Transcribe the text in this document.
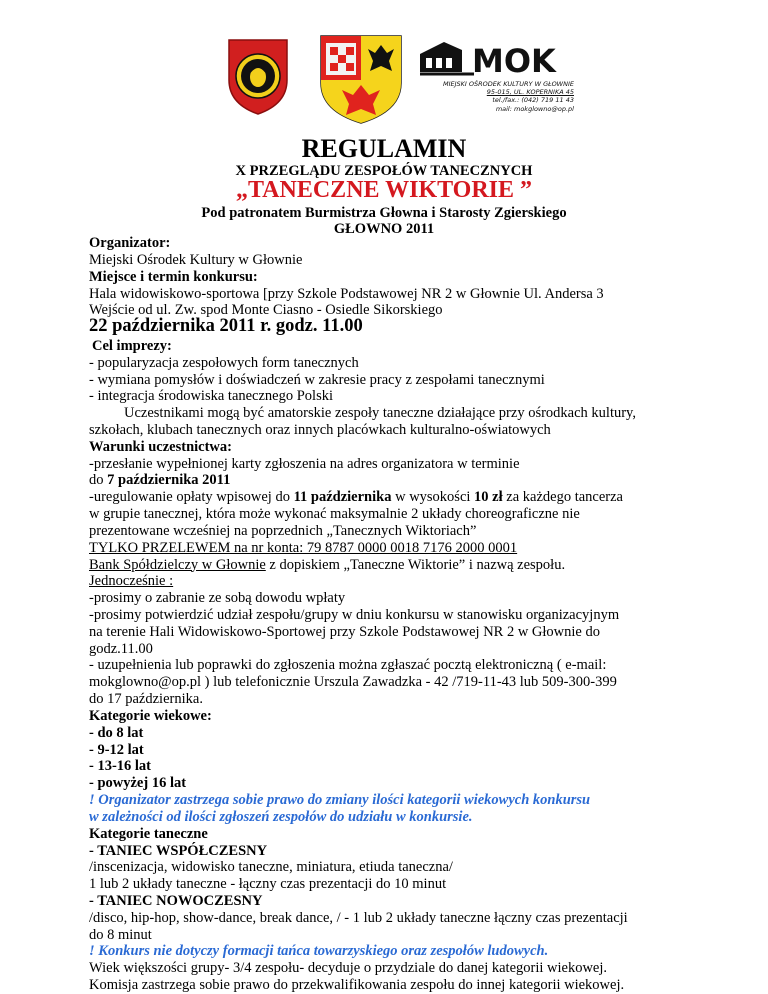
MOK
MIEJSKI OŚRODEK KULTURY W GŁOWNIE
95-015, UL. KOPERNIKA 45
tel./fax.: (042) 719 11 43
mail: mokglowno@op.pl
REGULAMIN
X PRZEGLĄDU ZESPOŁÓW TANECZNYCH
„TANECZNE WIKTORIE ”
Pod patronatem Burmistrza Głowna i Starosty Zgierskiego
GŁOWNO 2011
Organizator:
Miejski Ośrodek Kultury w Głownie
Miejsce i termin konkursu:
Hala widowiskowo-sportowa [przy Szkole Podstawowej NR 2 w Głownie Ul. Andersa 3
Wejście od ul. Zw. spod Monte Ciasno - Osiedle Sikorskiego
22 października 2011 r. godz. 11.00
Cel imprezy:
- popularyzacja zespołowych form tanecznych
- wymiana pomysłów i doświadczeń w zakresie pracy z zespołami tanecznymi
- integracja środowiska tanecznego Polski
Uczestnikami mogą być amatorskie zespoły taneczne działające przy ośrodkach kultury,
szkołach, klubach tanecznych oraz innych placówkach kulturalno-oświatowych
Warunki uczestnictwa:
-przesłanie wypełnionej karty zgłoszenia na adres organizatora w terminie
do 7 października 2011
-uregulowanie opłaty wpisowej do 11 października w wysokości 10 zł za każdego tancerza
w grupie tanecznej, która może wykonać maksymalnie 2 układy choreograficzne nie
prezentowane wcześniej na poprzednich „Tanecznych Wiktoriach”
TYLKO PRZELEWEM na nr konta: 79 8787 0000 0018 7176 2000 0001
Bank Spółdzielczy w Głownie z dopiskiem „Taneczne Wiktorie” i nazwą zespołu.
Jednocześnie :
-prosimy o zabranie ze sobą dowodu wpłaty
-prosimy potwierdzić udział zespołu/grupy w dniu konkursu w stanowisku organizacyjnym
na terenie Hali Widowiskowo-Sportowej przy Szkole Podstawowej NR 2 w Głownie do
godz.11.00
- uzupełnienia lub poprawki do zgłoszenia można zgłaszać pocztą elektroniczną ( e-mail:
mokglowno@op.pl ) lub telefonicznie Urszula Zawadzka - 42 /719-11-43 lub 509-300-399
do 17 października.
Kategorie wiekowe:
- do 8 lat
- 9-12 lat
- 13-16 lat
- powyżej 16 lat
! Organizator zastrzega sobie prawo do zmiany ilości kategorii wiekowych konkursu
w zależności od ilości zgłoszeń zespołów do udziału w konkursie.
Kategorie taneczne
- TANIEC WSPÓŁCZESNY
/inscenizacja, widowisko taneczne, miniatura, etiuda taneczna/
1 lub 2 układy taneczne - łączny czas prezentacji do 10 minut
- TANIEC NOWOCZESNY
/disco, hip-hop, show-dance, break dance, / - 1 lub 2 układy taneczne łączny czas prezentacji
do 8 minut
! Konkurs nie dotyczy formacji tańca towarzyskiego oraz zespołów ludowych.
Wiek większości grupy- 3/4 zespołu- decyduje o przydziale do danej kategorii wiekowej.
Komisja zastrzega sobie prawo do przekwalifikowania zespołu do innej kategorii wiekowej.
